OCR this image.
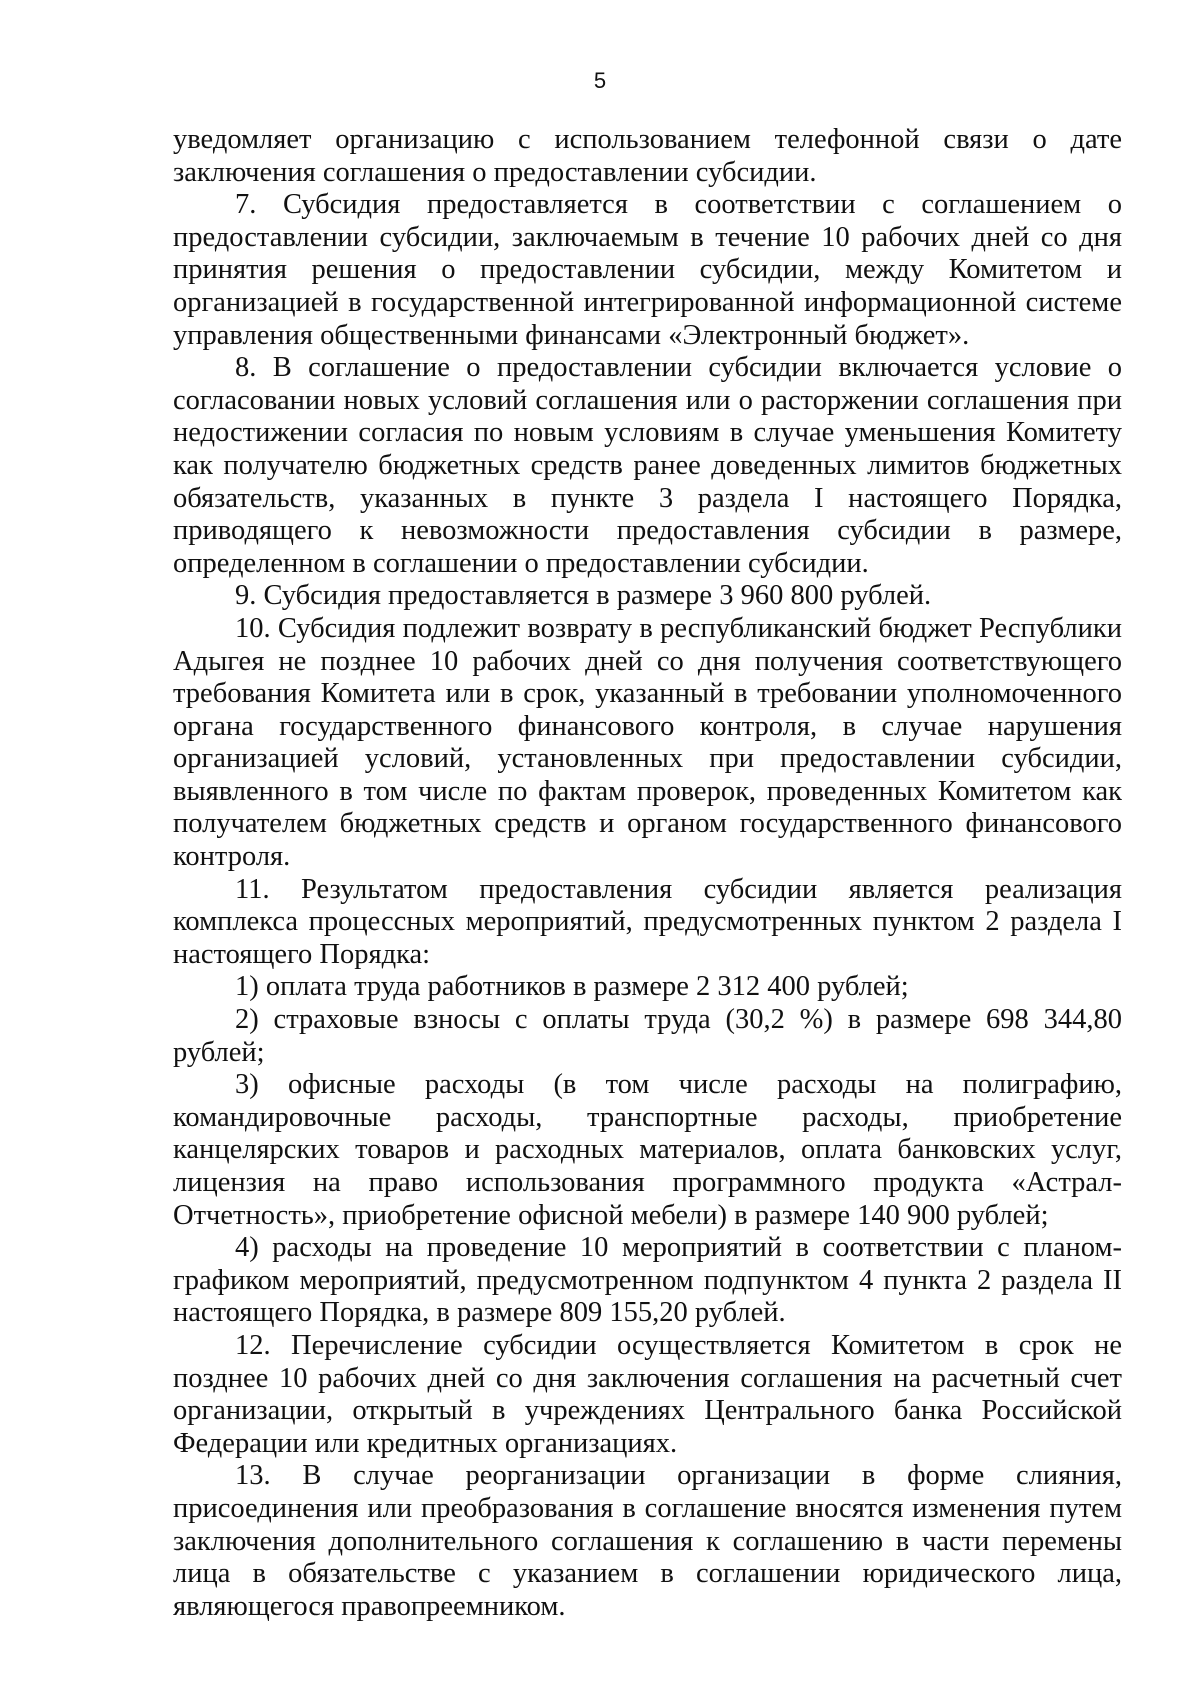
5

уведомляет организацию с использованием телефонной связи о дате заключения соглашения о предоставлении субсидии.

7. Субсидия предоставляется в соответствии с соглашением о предоставлении субсидии, заключаемым в течение 10 рабочих дней со дня принятия решения о предоставлении субсидии, между Комитетом и организацией в государственной интегрированной информационной системе управления общественными финансами «Электронный бюджет».

8. В соглашение о предоставлении субсидии включается условие о согласовании новых условий соглашения или о расторжении соглашения при недостижении согласия по новым условиям в случае уменьшения Комитету как получателю бюджетных средств ранее доведенных лимитов бюджетных обязательств, указанных в пункте 3 раздела I настоящего Порядка, приводящего к невозможности предоставления субсидии в размере, определенном в соглашении о предоставлении субсидии.

9. Субсидия предоставляется в размере 3 960 800 рублей.

10. Субсидия подлежит возврату в республиканский бюджет Республики Адыгея не позднее 10 рабочих дней со дня получения соответствующего требования Комитета или в срок, указанный в требовании уполномоченного органа государственного финансового контроля, в случае нарушения организацией условий, установленных при предоставлении субсидии, выявленного в том числе по фактам проверок, проведенных Комитетом как получателем бюджетных средств и органом государственного финансового контроля.

11. Результатом предоставления субсидии является реализация комплекса процессных мероприятий, предусмотренных пунктом 2 раздела I настоящего Порядка:

1) оплата труда работников в размере 2 312 400 рублей;

2) страховые взносы с оплаты труда (30,2 %) в размере 698 344,80 рублей;

3) офисные расходы (в том числе расходы на полиграфию, командировочные расходы, транспортные расходы, приобретение канцелярских товаров и расходных материалов, оплата банковских услуг, лицензия на право использования программного продукта «Астрал-Отчетность», приобретение офисной мебели) в размере 140 900 рублей;

4) расходы на проведение 10 мероприятий в соответствии с планом-графиком мероприятий, предусмотренном подпунктом 4 пункта 2 раздела II настоящего Порядка, в размере 809 155,20 рублей.

12. Перечисление субсидии осуществляется Комитетом в срок не позднее 10 рабочих дней со дня заключения соглашения на расчетный счет организации, открытый в учреждениях Центрального банка Российской Федерации или кредитных организациях.

13. В случае реорганизации организации в форме слияния, присоединения или преобразования в соглашение вносятся изменения путем заключения дополнительного соглашения к соглашению в части перемены лица в обязательстве с указанием в соглашении юридического лица, являющегося правопреемником.
